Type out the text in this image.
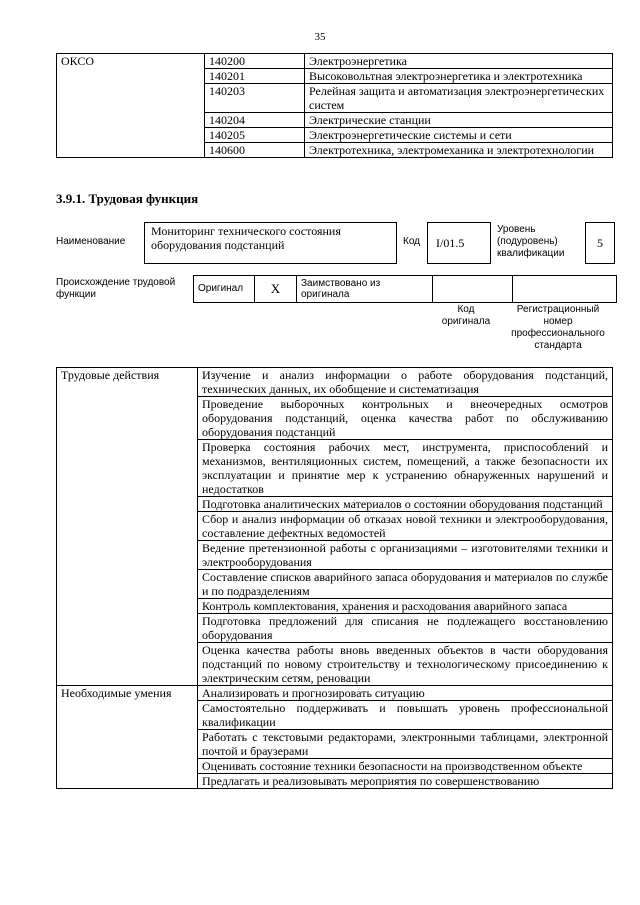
35
ОКСО	140200	Электроэнергетика
	140201	Высоковольтная электроэнергетика и электротехника
	140203	Релейная защита и автоматизация электроэнергетических систем
	140204	Электрические станции
	140205	Электроэнергетические системы и сети
	140600	Электротехника, электромеханика и электротехнологии
3.9.1. Трудовая функция
Наименование
Мониторинг технического состояния оборудования подстанций	Код	I/01.5
Уровень (подуровень) квалификации
5
Происхождение трудовой функции
Оригинал	X	Заимствовано из оригинала		
Код оригинала
Регистрационный номер профессионального стандарта
Трудовые действия	Изучение и анализ информации о работе оборудования подстанций, технических данных, их обобщение и систематизация
	Проведение выборочных контрольных и внеочередных осмотров оборудования подстанций, оценка качества работ по обслуживанию оборудования подстанций
	Проверка состояния рабочих мест, инструмента, приспособлений и механизмов, вентиляционных систем, помещений, а также безопасности их эксплуатации и принятие мер к устранению обнаруженных нарушений и недостатков
	Подготовка аналитических материалов о состоянии оборудования подстанций
	Сбор и анализ информации об отказах новой техники и электрооборудования, составление дефектных ведомостей
	Ведение претензионной работы с организациями – изготовителями техники и электрооборудования
	Составление списков аварийного запаса оборудования и материалов по службе и по подразделениям
	Контроль комплектования, хранения и расходования аварийного запаса
	Подготовка предложений для списания не подлежащего восстановлению оборудования
	Оценка качества работы вновь введенных объектов в части оборудования подстанций по новому строительству и технологическому присоединению к электрическим сетям, реновации
Необходимые умения	Анализировать и прогнозировать ситуацию
	Самостоятельно поддерживать и повышать уровень профессиональной квалификации
	Работать с текстовыми редакторами, электронными таблицами, электронной почтой и браузерами
	Оценивать состояние техники безопасности на производственном объекте
	Предлагать и реализовывать мероприятия по совершенствованию
